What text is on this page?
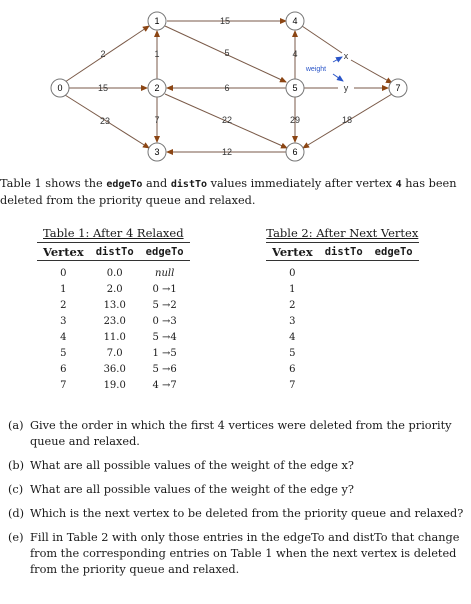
2
15
23
15
5
1
6
7	22
4
29
12
18
x
y
weight
0
1
2
3
4
5
6
7

Table 1 shows the edgeTo and distTo values immediately after vertex 4 has been deleted from the priority queue and relaxed.

Table 1: After 4 Relaxed
Vertex	distTo	edgeTo
0	0.0	null
1	2.0	0 →1
2	13.0	5 →2
3	23.0	0 →3
4	11.0	5 →4
5	7.0	1 →5
6	36.0	5 →6
7	19.0	4 →7
Table 2: After Next Vertex
Vertex	distTo	edgeTo
0		
1		
2		
3		
4		
5		
6		
7		
(a) Give the order in which the first 4 vertices were deleted from the priority queue and relaxed.
(b) What are all possible values of the weight of the edge x?
(c) What are all possible values of the weight of the edge y?
(d) Which is the next vertex to be deleted from the priority queue and relaxed?
(e) Fill in Table 2 with only those entries in the edgeTo and distTo that change from the corresponding entries on Table 1 when the next vertex is deleted from the priority queue and relaxed.
